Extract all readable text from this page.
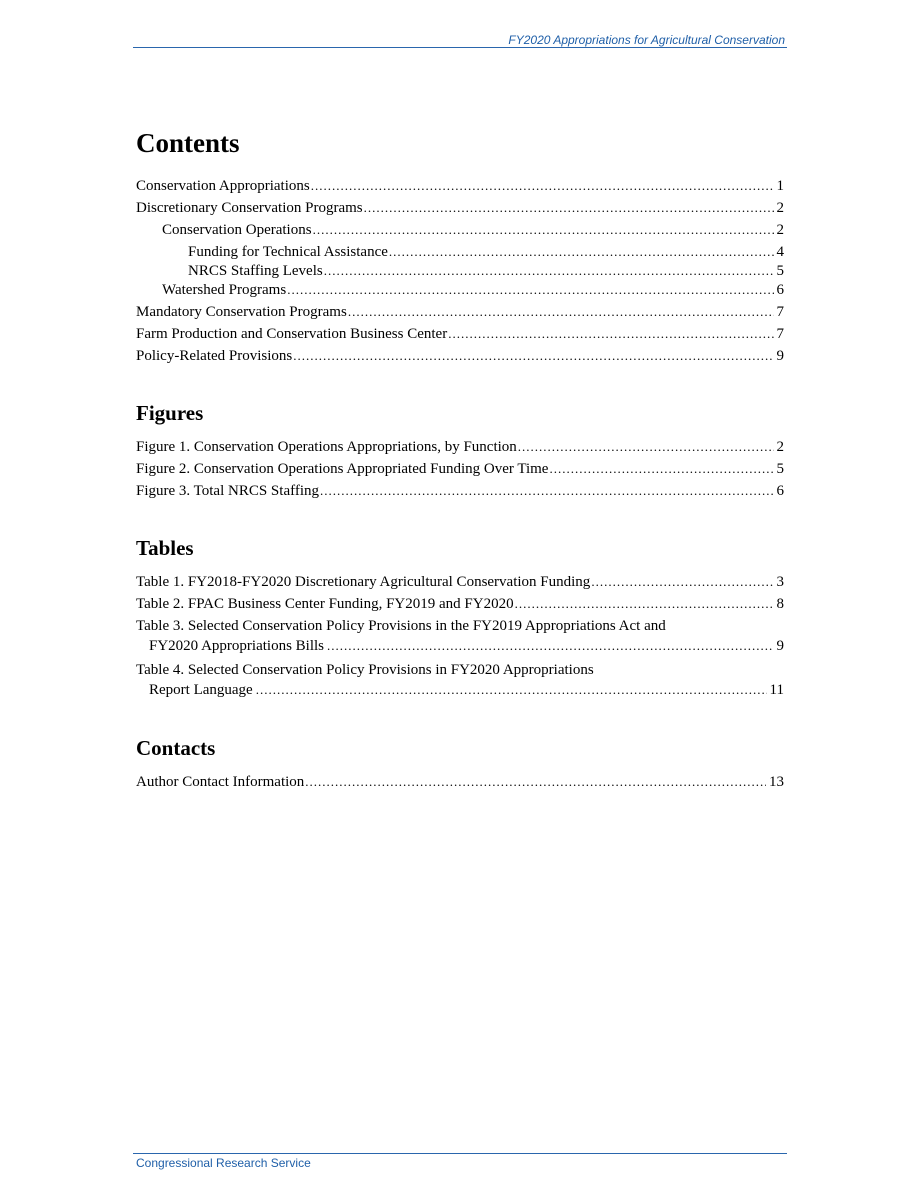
FY2020 Appropriations for Agricultural Conservation
Contents
Conservation Appropriations .....	1
Discretionary Conservation Programs .....	2
Conservation Operations .....	2
Funding for Technical Assistance .....	4
NRCS Staffing Levels .....	5
Watershed Programs .....	6
Mandatory Conservation Programs .....	7
Farm Production and Conservation Business Center .....	7
Policy-Related Provisions .....	9
Figures
Figure 1. Conservation Operations Appropriations, by Function .....	2
Figure 2. Conservation Operations Appropriated Funding Over Time .....	5
Figure 3. Total NRCS Staffing .....	6
Tables
Table 1. FY2018-FY2020 Discretionary Agricultural Conservation Funding .....	3
Table 2. FPAC Business Center Funding, FY2019 and FY2020 .....	8
Table 3. Selected Conservation Policy Provisions in the FY2019 Appropriations Act and
FY2020 Appropriations Bills .....	9
Table 4. Selected Conservation Policy Provisions in FY2020 Appropriations
Report Language .....	11
Contacts
Author Contact Information .....	13
Congressional Research Service
